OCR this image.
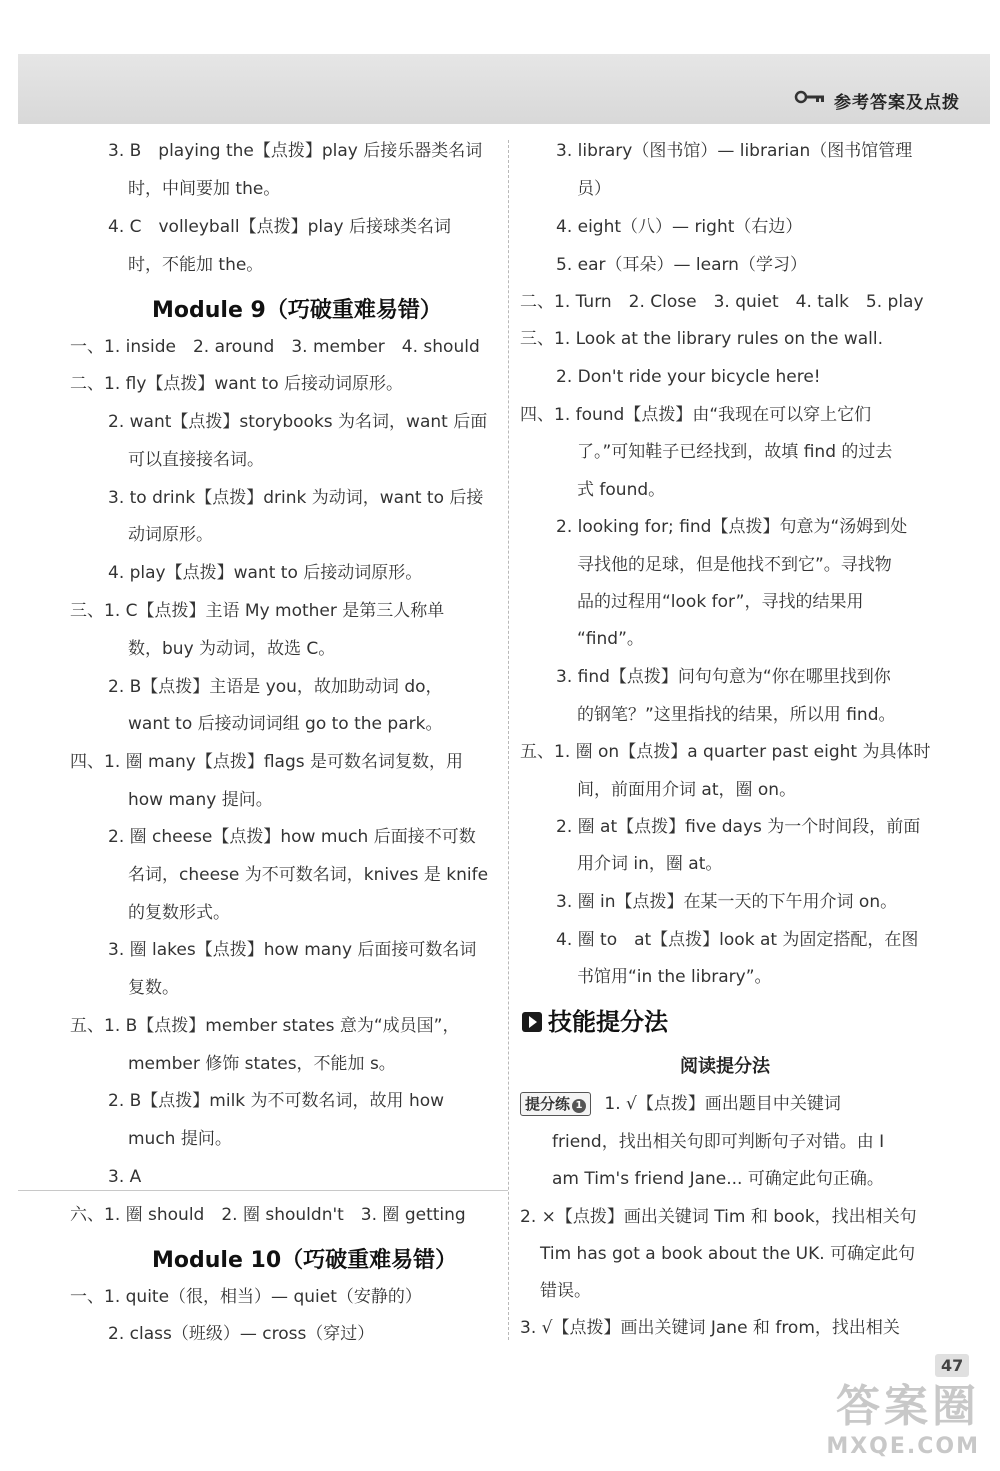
参考答案及点拨
3. B　playing the【点拨】play 后接乐器类名词
时，中间要加 the。
4. C　volleyball【点拨】play 后接球类名词
时，不能加 the。
Module 9（巧破重难易错）
一、1. inside　2. around　3. member　4. should
二、1. fly【点拨】want to 后接动词原形。
2. want【点拨】storybooks 为名词，want 后面
可以直接接名词。
3. to drink【点拨】drink 为动词，want to 后接
动词原形。
4. play【点拨】want to 后接动词原形。
三、1. C【点拨】主语 My mother 是第三人称单
数，buy 为动词，故选 C。
2. B【点拨】主语是 you，故加助动词 do，
want to 后接动词词组 go to the park。
四、1. 圈 many【点拨】flags 是可数名词复数，用
how many 提问。
2. 圈 cheese【点拨】how much 后面接不可数
名词，cheese 为不可数名词，knives 是 knife
的复数形式。
3. 圈 lakes【点拨】how many 后面接可数名词
复数。
五、1. B【点拨】member states 意为“成员国”，
member 修饰 states，不能加 s。
2. B【点拨】milk 为不可数名词，故用 how
much 提问。
3. A
六、1. 圈 should　2. 圈 shouldn't　3. 圈 getting
Module 10（巧破重难易错）
一、1. quite（很，相当）— quiet（安静的）
2. class（班级）— cross（穿过）
3. library（图书馆）— librarian（图书馆管理
员）
4. eight（八）— right（右边）
5. ear（耳朵）— learn（学习）
二、1. Turn　2. Close　3. quiet　4. talk　5. play
三、1. Look at the library rules on the wall.
2. Don't ride your bicycle here!
四、1. found【点拨】由“我现在可以穿上它们
了。”可知鞋子已经找到，故填 find 的过去
式 found。
2. looking for; find【点拨】句意为“汤姆到处
寻找他的足球，但是他找不到它”。寻找物
品的过程用“look for”，寻找的结果用
“find”。
3. find【点拨】问句句意为“你在哪里找到你
的钢笔？”这里指找的结果，所以用 find。
五、1. 圈 on【点拨】a quarter past eight 为具体时
间，前面用介词 at，圈 on。
2. 圈 at【点拨】five days 为一个时间段，前面
用介词 in，圈 at。
3. 圈 in【点拨】在某一天的下午用介词 on。
4. 圈 to　at【点拨】look at 为固定搭配，在图
书馆用“in the library”。
技能提分法
阅读提分法
提分练 1 1. √【点拨】画出题目中关键词
friend，找出相关句即可判断句子对错。由 I
am Tim's friend Jane... 可确定此句正确。
2. ×【点拨】画出关键词 Tim 和 book，找出相关句
Tim has got a book about the UK. 可确定此句
错误。
3. √【点拨】画出关键词 Jane 和 from，找出相关
47
答案圈
MXQE.COM
